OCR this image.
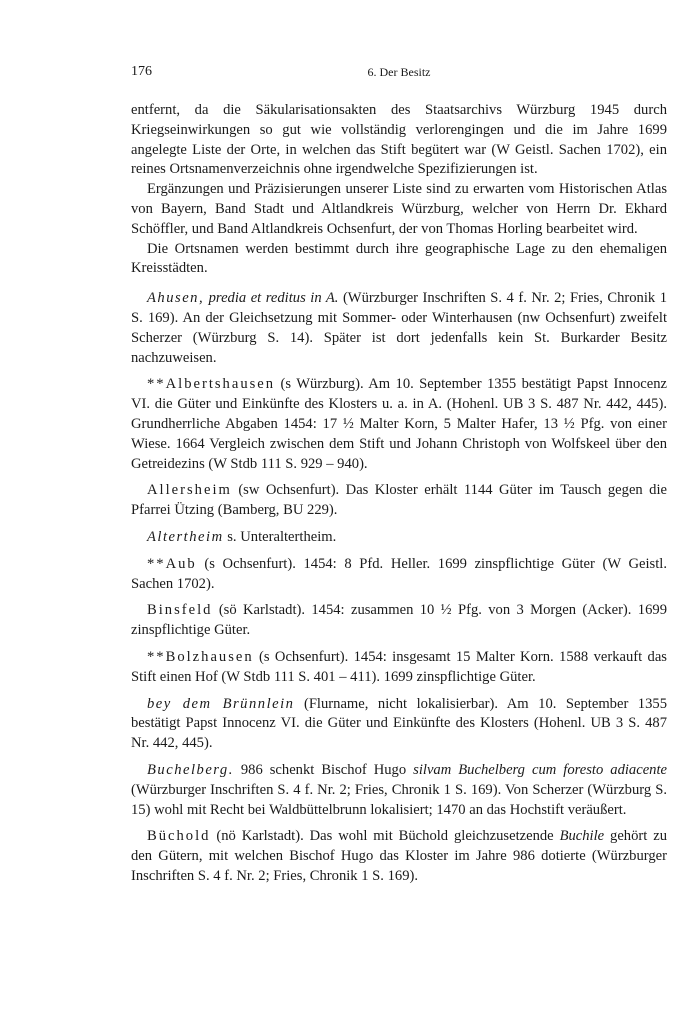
176	6. Der Besitz

entfernt, da die Säkularisationsakten des Staatsarchivs Würzburg 1945 durch Kriegseinwirkungen so gut wie vollständig verlorengingen und die im Jahre 1699 angelegte Liste der Orte, in welchen das Stift begütert war (W Geistl. Sachen 1702), ein reines Ortsnamenverzeichnis ohne irgendwelche Spezifizierungen ist.

Ergänzungen und Präzisierungen unserer Liste sind zu erwarten vom Historischen Atlas von Bayern, Band Stadt und Altlandkreis Würzburg, welcher von Herrn Dr. Ekhard Schöffler, und Band Altlandkreis Ochsenfurt, der von Thomas Horling bearbeitet wird.

Die Ortsnamen werden bestimmt durch ihre geographische Lage zu den ehemaligen Kreisstädten.

Ahusen, predia et reditus in A. (Würzburger Inschriften S. 4 f. Nr. 2; Fries, Chronik 1 S. 169). An der Gleichsetzung mit Sommer- oder Winterhausen (nw Ochsenfurt) zweifelt Scherzer (Würzburg S. 14). Später ist dort jedenfalls kein St. Burkarder Besitz nachzuweisen.

**Albertshausen (s Würzburg). Am 10. September 1355 bestätigt Papst Innocenz VI. die Güter und Einkünfte des Klosters u. a. in A. (Hohenl. UB 3 S. 487 Nr. 442, 445). Grundherrliche Abgaben 1454: 17 ½ Malter Korn, 5 Malter Hafer, 13 ½ Pfg. von einer Wiese. 1664 Vergleich zwischen dem Stift und Johann Christoph von Wolfskeel über den Getreidezins (W Stdb 111 S. 929 – 940).

Allersheim (sw Ochsenfurt). Das Kloster erhält 1144 Güter im Tausch gegen die Pfarrei Ützing (Bamberg, BU 229).

Altertheim s. Unteraltertheim.

**Aub (s Ochsenfurt). 1454: 8 Pfd. Heller. 1699 zinspflichtige Güter (W Geistl. Sachen 1702).

Binsfeld (sö Karlstadt). 1454: zusammen 10 ½ Pfg. von 3 Morgen (Acker). 1699 zinspflichtige Güter.

**Bolzhausen (s Ochsenfurt). 1454: insgesamt 15 Malter Korn. 1588 verkauft das Stift einen Hof (W Stdb 111 S. 401 – 411). 1699 zinspflichtige Güter.

bey dem Brünnlein (Flurname, nicht lokalisierbar). Am 10. September 1355 bestätigt Papst Innocenz VI. die Güter und Einkünfte des Klosters (Hohenl. UB 3 S. 487 Nr. 442, 445).

Buchelberg. 986 schenkt Bischof Hugo silvam Buchelberg cum foresto adiacente (Würzburger Inschriften S. 4 f. Nr. 2; Fries, Chronik 1 S. 169). Von Scherzer (Würzburg S. 15) wohl mit Recht bei Waldbüttelbrunn lokalisiert; 1470 an das Hochstift veräußert.

Büchold (nö Karlstadt). Das wohl mit Büchold gleichzusetzende Buchile gehört zu den Gütern, mit welchen Bischof Hugo das Kloster im Jahre 986 dotierte (Würzburger Inschriften S. 4 f. Nr. 2; Fries, Chronik 1 S. 169).
